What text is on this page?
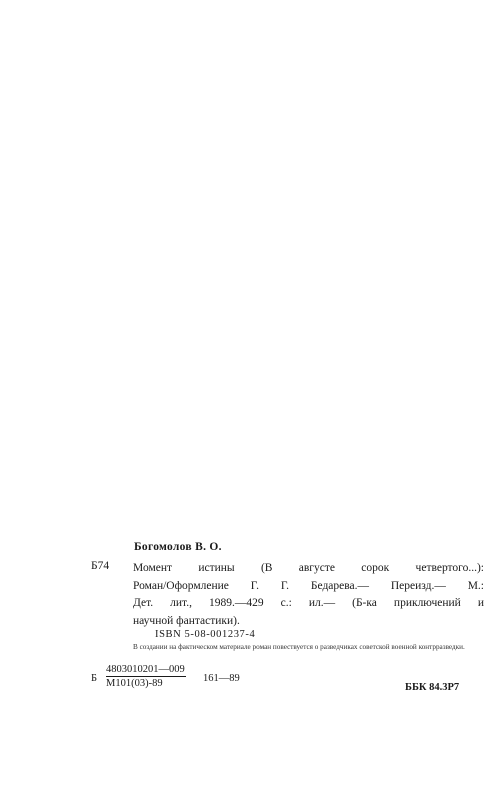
Богомолов В. О.
Б74 Момент истины (В августе сорок четвертого...):
Роман/Оформление Г. Г. Бедарева.— Переизд.— М.:
Дет. лит., 1989.—429 с.: ил.— (Б-ка приключений и
научной фантастики).
ISBN 5-08-001237-4
В создании на фактическом материале роман повествуется о разведчиках советской военной контрразведки.
Б
4803010201—009
М101(03)-89	161—89
ББК 84.3Р7
